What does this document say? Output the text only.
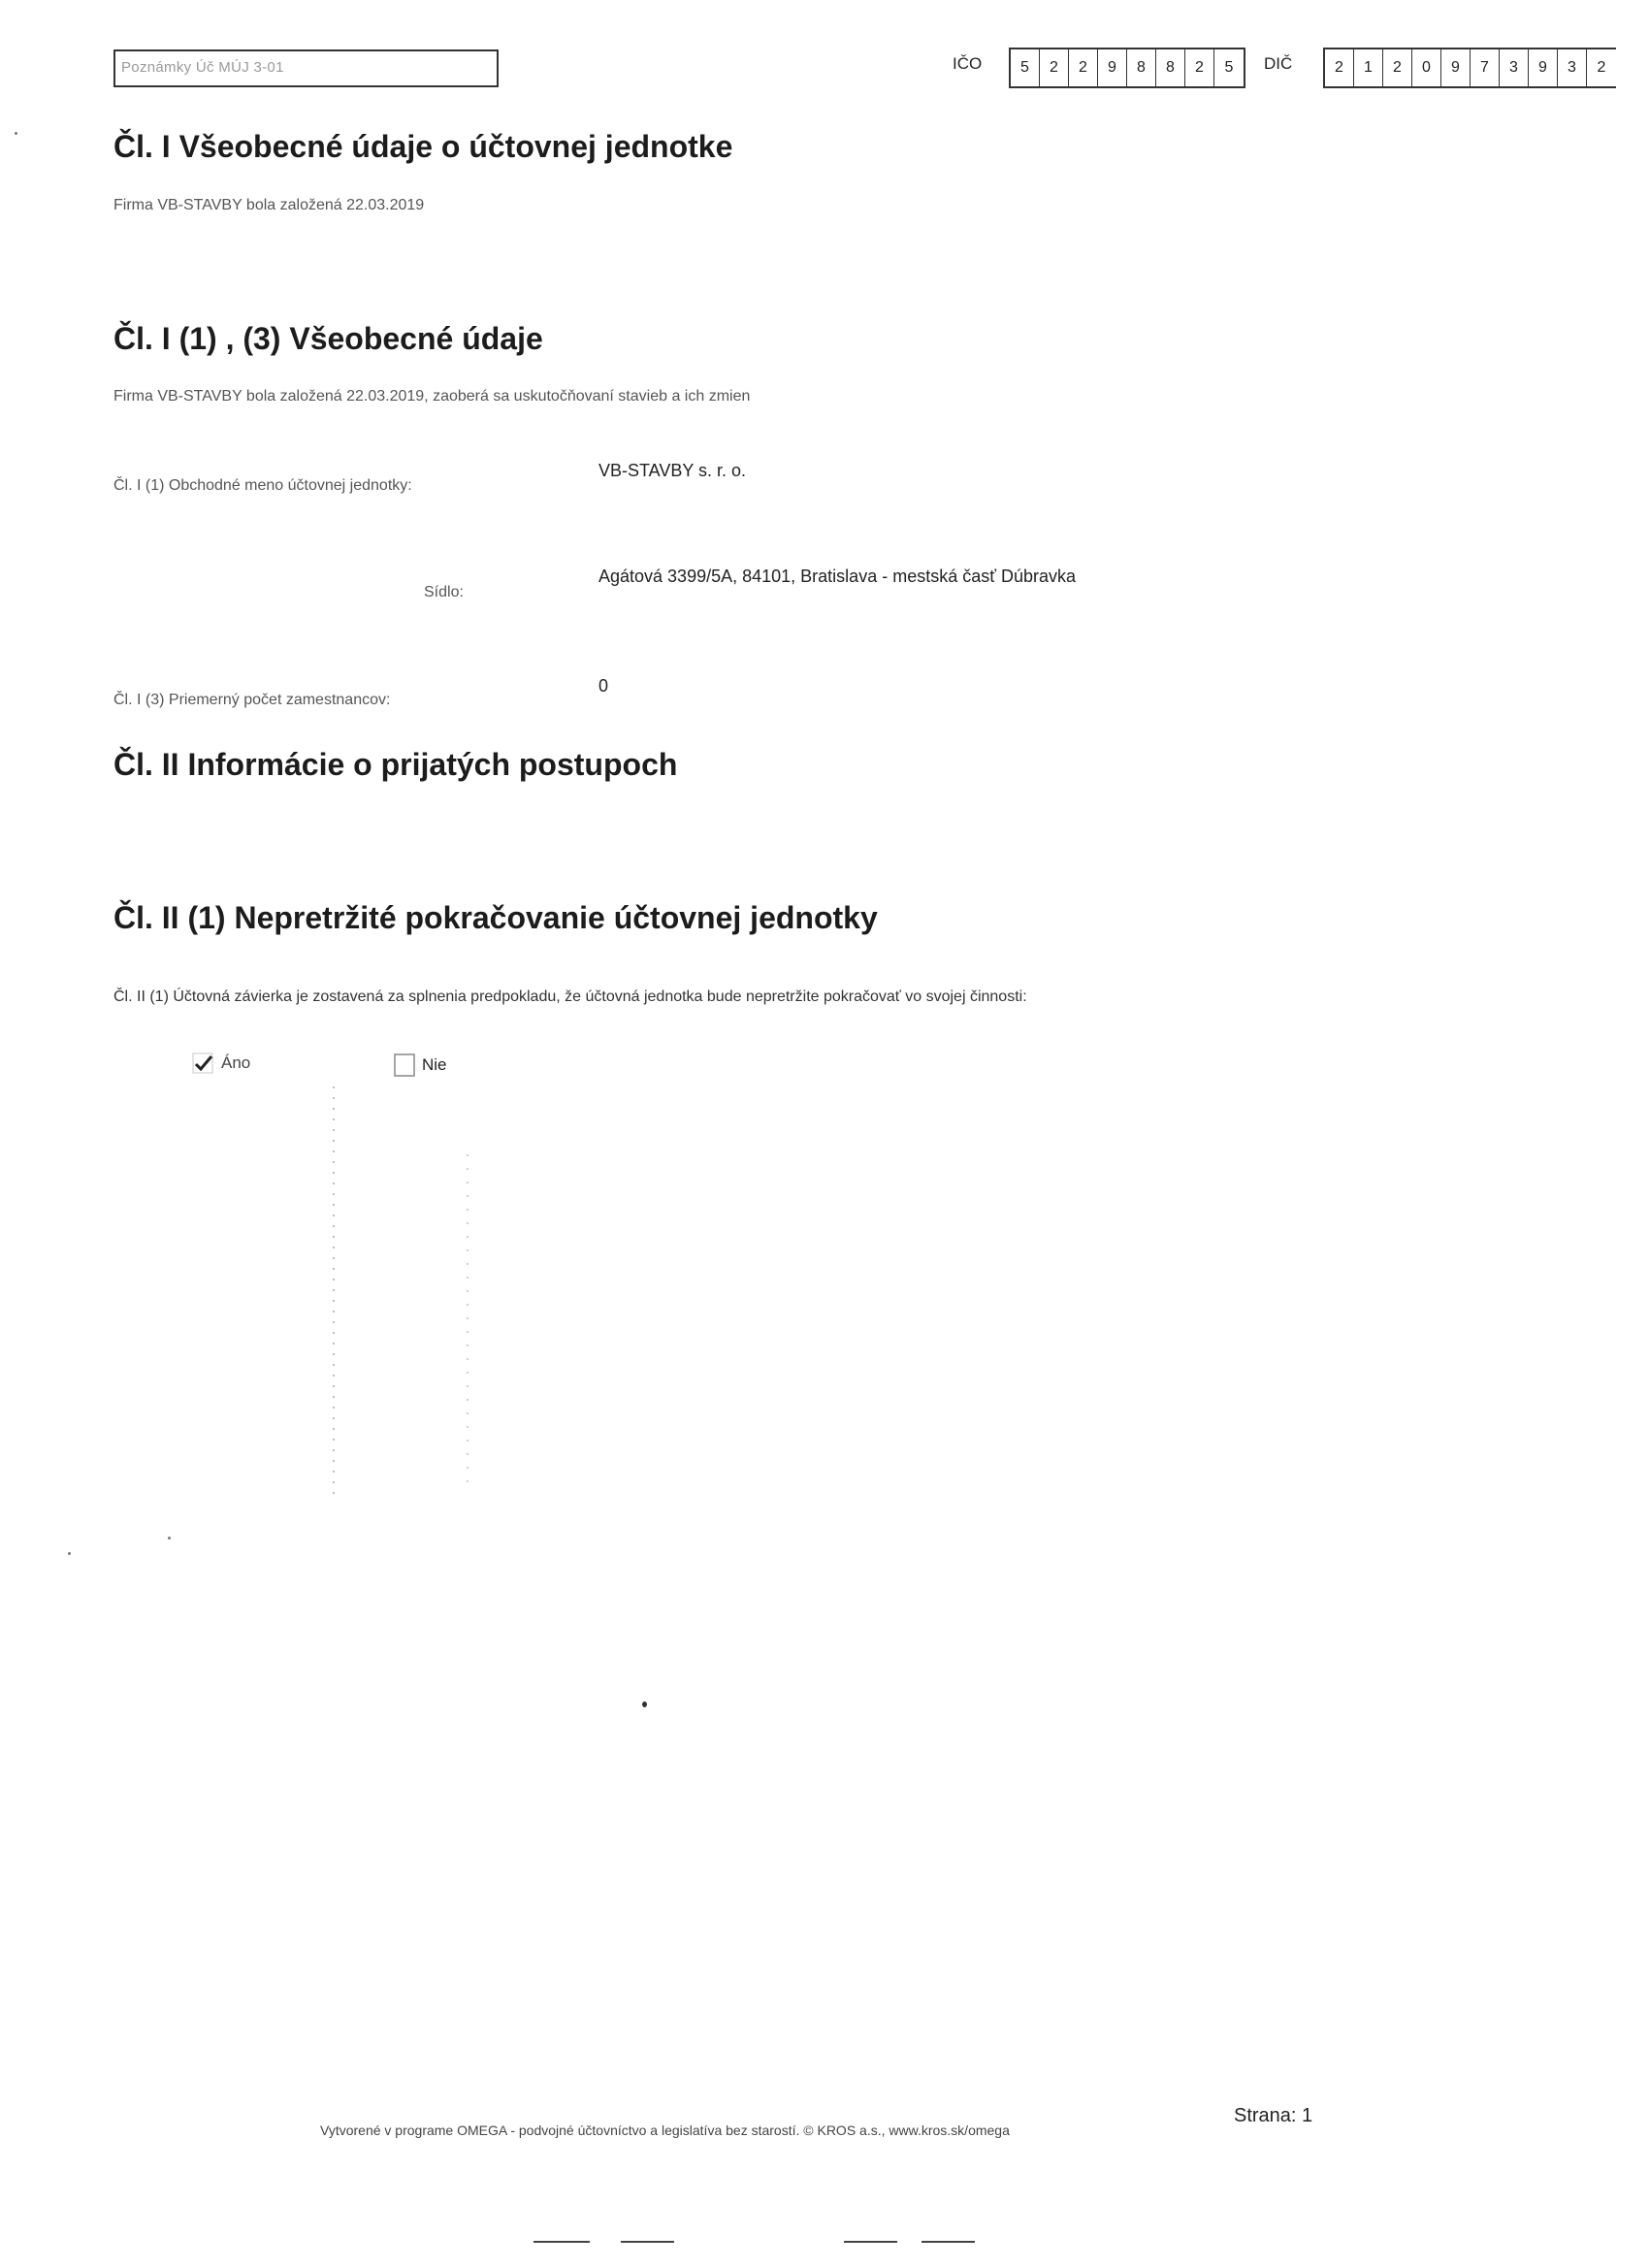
Poznámky Úč MÚJ 3-01	IČO	5	2	2	9	8	8	2	5	DIČ	2	1	2	0	9	7	3	9	3	2
Čl. I Všeobecné údaje o účtovnej jednotke
Firma VB-STAVBY bola založená 22.03.2019
Čl. I (1) , (3) Všeobecné údaje
Firma VB-STAVBY bola založená 22.03.2019, zaoberá sa uskutočňovaní stavieb a ich zmien
Čl. I (1) Obchodné meno účtovnej jednotky:
VB-STAVBY s. r. o.
Sídlo:
Agátová 3399/5A, 84101, Bratislava - mestská časť Dúbravka
Čl. I (3) Priemerný počet zamestnancov:
0
Čl. II Informácie o prijatých postupoch
Čl. II (1) Nepretržité pokračovanie účtovnej jednotky
Čl. II (1) Účtovná závierka je zostavená za splnenia predpokladu, že účtovná jednotka bude nepretržite pokračovať vo svojej činnosti:
Áno	Nie
Vytvorené v programe OMEGA - podvojné účtovníctvo a legislatíva bez starostí. © KROS a.s., www.kros.sk/omega
Strana: 1
